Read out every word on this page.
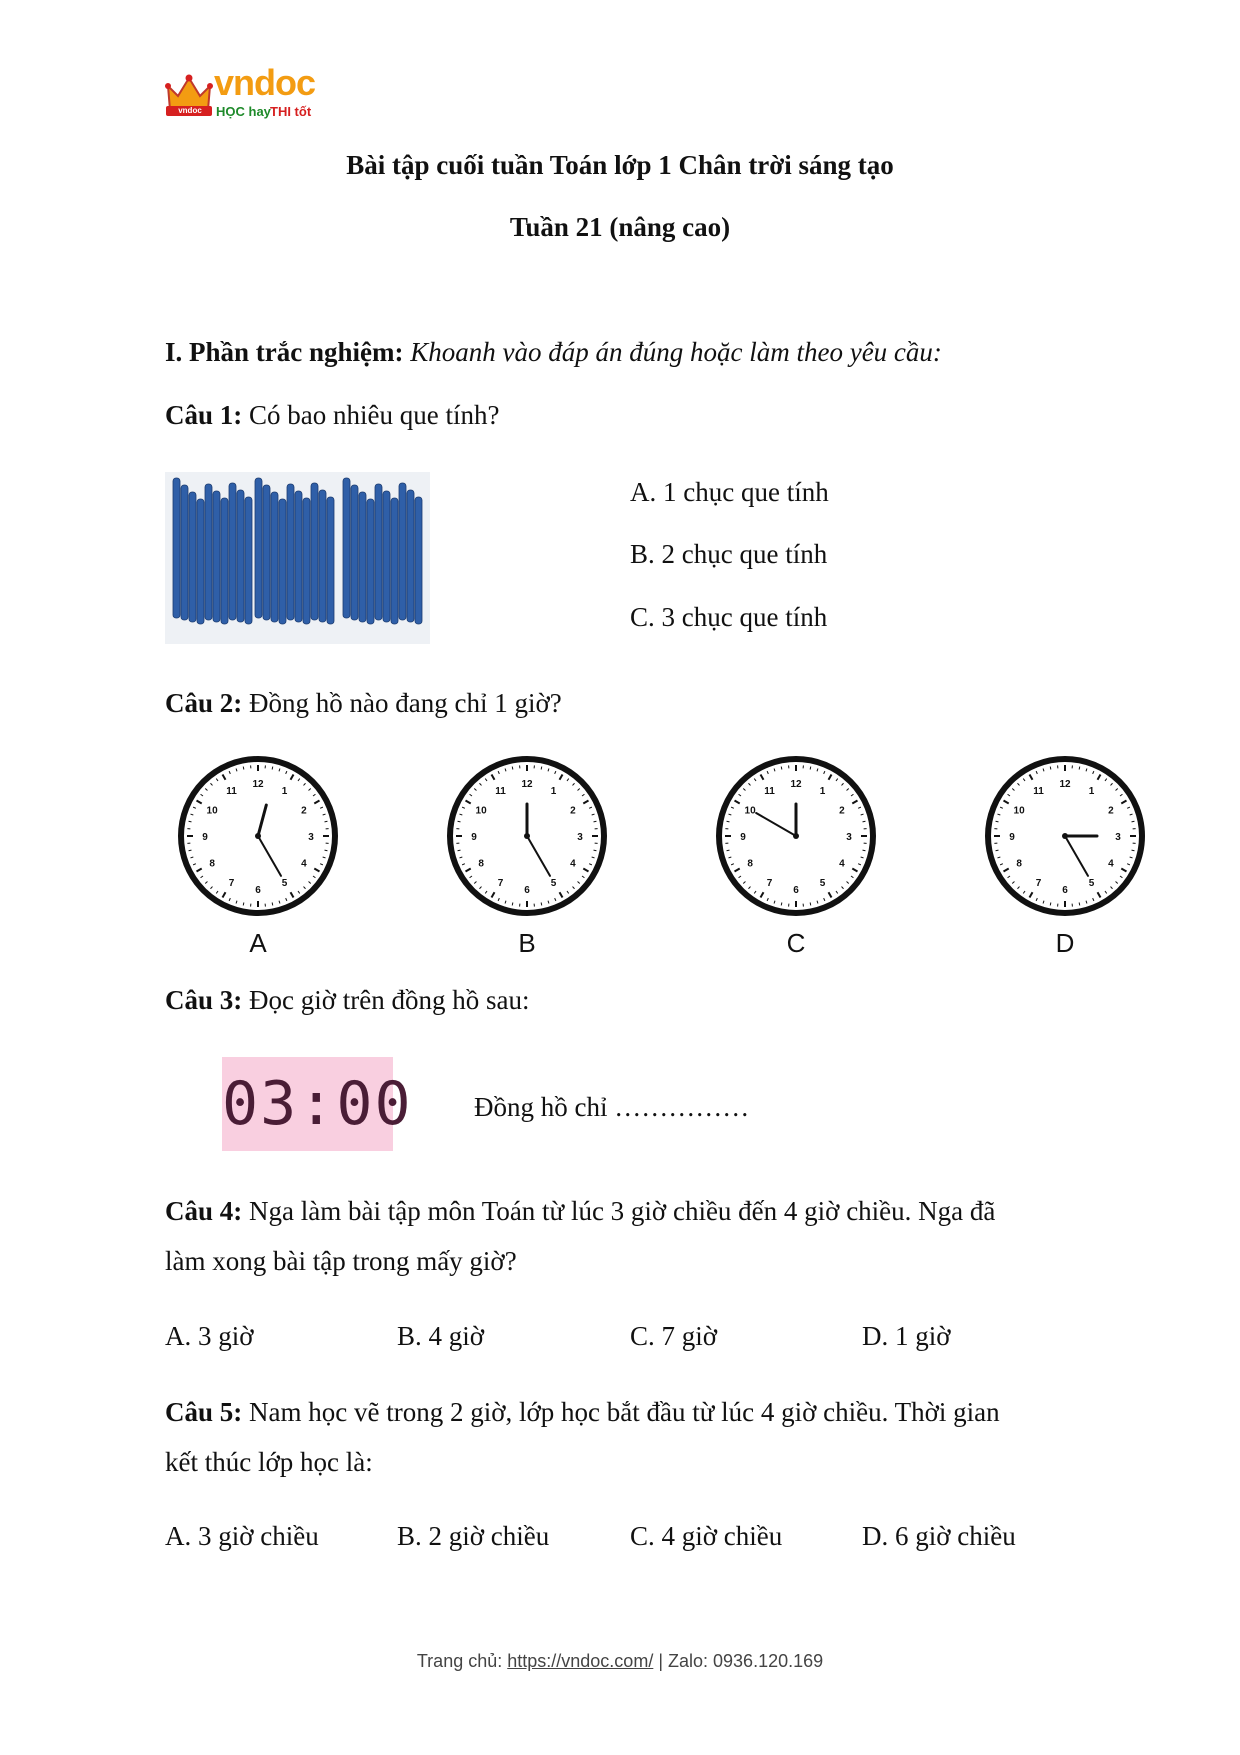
vndoc
vndoc
HỌC hay THI tốt
Bài tập cuối tuần Toán lớp 1 Chân trời sáng tạo
Tuần 21 (nâng cao)
I. Phần trắc nghiệm: Khoanh vào đáp án đúng hoặc làm theo yêu cầu:
Câu 1: Có bao nhiêu que tính?
A. 1 chục que tính
B. 2 chục que tính
C. 3 chục que tính
Câu 2: Đồng hồ nào đang chỉ 1 giờ?
12
1
2
3
4
5
6
7
8
9
10
11
A
12
1
2
3
4
5
6
7
8
9
10
11
B
12
1
2
3
4
5
6
7
8
9
10
11
C
12
1
2
3
4
5
6
7
8
9
10
11
D
Câu 3: Đọc giờ trên đồng hồ sau:
03:00 Đồng hồ chỉ ……………
Câu 4: Nga làm bài tập môn Toán từ lúc 3 giờ chiều đến 4 giờ chiều. Nga đã
làm xong bài tập trong mấy giờ?
A. 3 giờ	B. 4 giờ	C. 7 giờ	D. 1 giờ
Câu 5: Nam học vẽ trong 2 giờ, lớp học bắt đầu từ lúc 4 giờ chiều. Thời gian
kết thúc lớp học là:
A. 3 giờ chiều	B. 2 giờ chiều	C. 4 giờ chiều	D. 6 giờ chiều
Trang chủ: https://vndoc.com/ | Zalo: 0936.120.169
